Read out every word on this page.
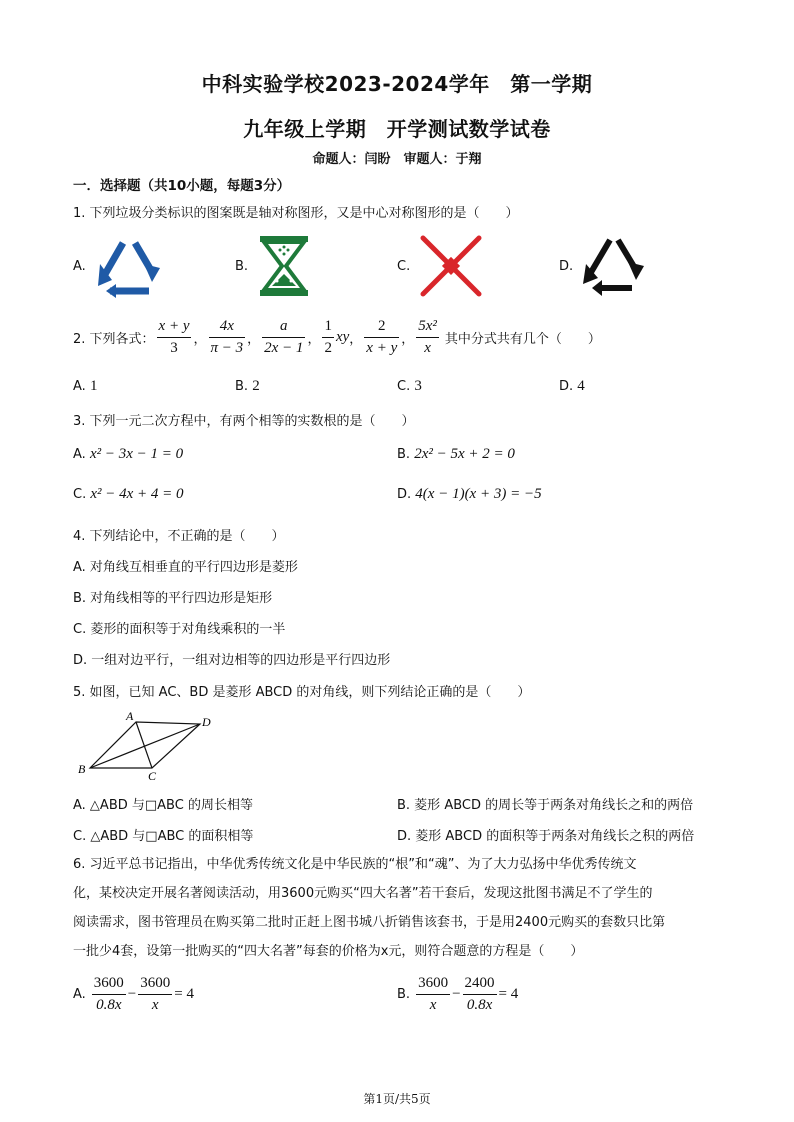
中科实验学校2023-2024学年　第一学期
九年级上学期　开学测试数学试卷
命题人：闫盼　审题人：于翔
一．选择题（共10小题，每题3分）
1. 下列垃圾分类标识的图案既是轴对称图形，又是中心对称图形的是（　　）
A.	B.	C.	D.
2. 下列各式： $\frac{x + y}{3}$ ， $\frac{4x}{\pi - 3}$ ， $\frac{a}{2x - 1}$ ， $\frac{1}{2}$ xy ， $\frac{2}{x + y}$ ， $\frac{\text{5x²}}{x}$ 其中分式共有几个（　　）
A. 1	B. 2	C. 3	D. 4
3. 下列一元二次方程中，有两个相等的实数根的是（　　）
A. x² − 3x − 1 = 0	B. 2x² − 5x + 2 = 0
C. x² − 4x + 4 = 0	D. 4(x − 1)(x + 3) = −5
4. 下列结论中，不正确的是（　　）
A. 对角线互相垂直的平行四边形是菱形
B. 对角线相等的平行四边形是矩形
C. 菱形的面积等于对角线乘积的一半
D. 一组对边平行，一组对边相等的四边形是平行四边形
5. 如图，已知 AC、BD 是菱形 ABCD 的对角线，则下列结论正确的是（　　）
A
B	C
D
A. △ABD 与□ABC 的周长相等	B. 菱形 ABCD 的周长等于两条对角线长之和的两倍
C. △ABD 与□ABC 的面积相等	D. 菱形 ABCD 的面积等于两条对角线长之积的两倍
6. 习近平总书记指出，中华优秀传统文化是中华民族的“根”和“魂”、为了大力弘扬中华优秀传统文
化，某校决定开展名著阅读活动，用3600元购买“四大名著”若干套后，发现这批图书满足不了学生的
阅读需求，图书管理员在购买第二批时正赶上图书城八折销售该套书，于是用2400元购买的套数只比第
一批少4套，设第一批购买的“四大名著”每套的价格为x元，则符合题意的方程是（　　）
A. $\frac{3600}{0.8x} - \frac{3600}{x} = 4$	B. $\frac{3600}{x} - \frac{2400}{0.8x} = 4$
第1页/共5页
